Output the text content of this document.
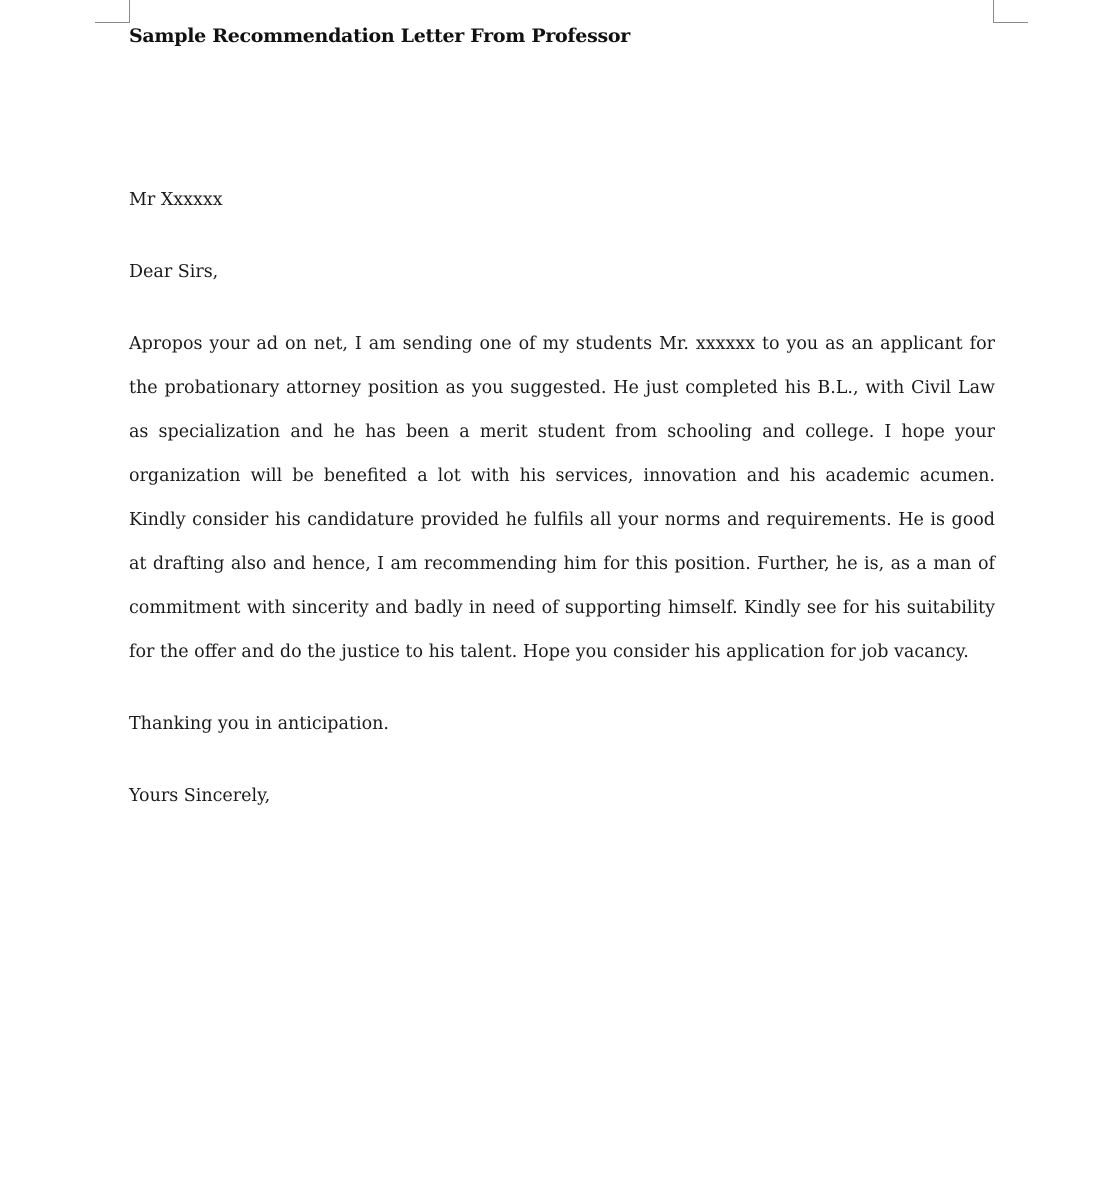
Sample Recommendation Letter From Professor

Mr Xxxxxx

Dear Sirs,

Apropos your ad on net, I am sending one of my students Mr. xxxxxx to you as an applicant for the probationary attorney position as you suggested. He just completed his B.L., with Civil Law as specialization and he has been a merit student from schooling and college. I hope your organization will be benefited a lot with his services, innovation and his academic acumen. Kindly consider his candidature provided he fulfils all your norms and requirements. He is good at drafting also and hence, I am recommending him for this position. Further, he is, as a man of commitment with sincerity and badly in need of supporting himself. Kindly see for his suitability for the offer and do the justice to his talent. Hope you consider his application for job vacancy.

Thanking you in anticipation.

Yours Sincerely,
